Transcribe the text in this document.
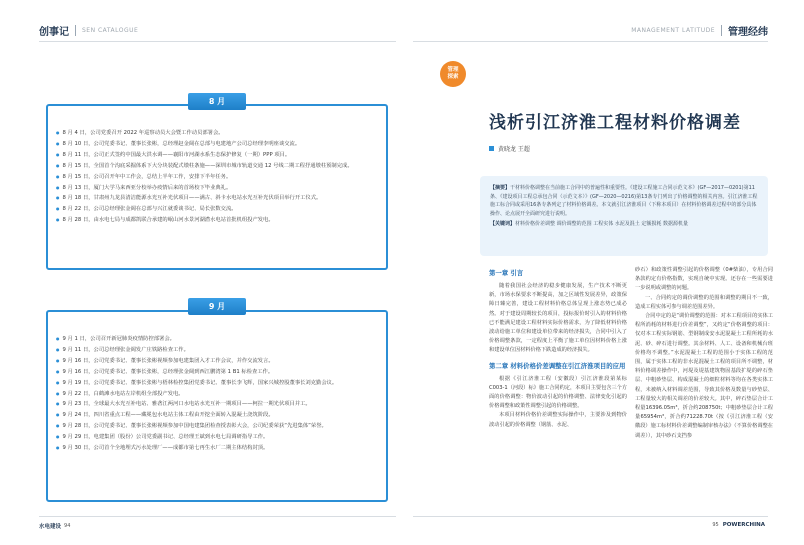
创事记 SEN CATALOGUE	MANAGEMENT LATITUDE 管理经纬
● 8 月 4 日，公司党委召开 2022 年巡察动员大会暨工作动员部署会。
● 8 月 10 日，公司党委书记、董事长张彬，总经理赵金阔在总部与电建地产公司总经理李明座谈交流。
● 8 月 11 日，公司正式签约中国最大洪水调——襄阳市河湖水系生态保护修复（一期）PPP 项目。
● 8 月 15 日，全国首个沟底采掘体系下大分块装配式墩柱条施——深圳市城市轨道交通 12 号线二期工程抒通墩柱预制完成。
● 8 月 15 日，公司召开年中工作会，总结上半年工作，安排下半年任务。
● 8 月 13 日，厦门大学马来西亚分校举办疫情后来的首场校下毕业典礼。
● 8 月 18 日，甘肃州九龙县清洁能源水光互补光伏项目——满古、斜卡水电站水光互补光伏项目举行开工仪式。
● 8 月 22 日，公司总经理张金阔在总部与兴江就委谈书记、局长张数交流。
● 8 月 28 日，由水电七局与成都凯联合承建的岷山河水景河湖潜水电站首批机组投产发电。
8 月
● 9 月 1 日，公司召开新冠肺炎疫情防控部署会。
● 9 月 11 日，公司总经理张金阔发广庄铁路检查工作。
● 9 月 16 日，公司党委书记、董事长张彬视频参加电建集团入才工作会议，并作交流发言。
● 9 月 16 日，公司党委书记、董事长张彬，总经理张金阔到西江鹏湾第 1 B1 标检查工作。
● 9 月 19 日，公司党委书记、董事长张彬与梧林检控集团党委书记、董事长李飞辉，国家兴城控股董事长刘克勤会议。
● 9 月 22 日，白鹤滩水电站左岸机组全部投产发电。
● 9 月 23 日，全球最大水光互补电站、雅砻江两河口水电站水光互补一期项目——柯拉一期光伏项目并工。
● 9 月 24 日，四川省重点工程——藏冕包水电站主体工程由开挖全面转入混凝土浇筑阶段。
● 9 月 28 日，公司党委书记、董事长张彬视频参加中国电建集团检查授表彰大会，公司纪委荣获“先进集体”荣誉。
● 9 月 29 日，电建集团（股份）公司党委副书记、总经理王斌到水电七局调研指导工作。
● 9 月 30 日，公司首个全地埋式污水处理厂——成都市第七再生水厂二期主体结构封顶。
9 月
管理
探索
浅析引江济淮工程材料价格调差
黄晓龙 王超
【摘要】干材料价格调整在当前施工合同中的普遍性和重要性。《建设工程施工合同示范文本》(GF—2017—0201)第11条、《建设项目工程总承包合同（示范文本）》(GF—2020—0216)第13条专门列出了价格调整的相关内容。引江济淮工程施工标合同或采用16条专条列定了材料价格调差。本文就引江济淮项目（下称本项目）在材料价格调差过程中的部分具体操作、论点展开全面研究进行说明。
【关键词】材料价格价差调整 调价调整的范围 工程实体 水泥及混土 定额损耗 数据源机量
第一章 引言

随着我国社会经济的稳步健康发展，生产技术不断更新，市场水保要求不断提高，加之区域性发展差异，政策保障日臻完善，建设工程材料价格总体呈现上涨态势已成必然。对于建设周期较长的项目，投标报价时引入的材料价格已不能满足建设工程材料实际价格需求，为了降低材料价格波动给施工单位和建设单位带来的经济损失，合同中引入了价格调整条款，一定程度上平衡了施工单位因材料价格上涨和建设单位因材料价格下跌造成的经济损失。

第二章 材料价格价差调整在引江济淮项目的应用

根据《引江济淮工程（安徽段）引江济淮段第某标C003-1（河段）标》施工合同约定，本项目主要包含三个方面的价格调整：物价波动引起的价格调整、法律变化引起的价格调整和政策性调整引起的价格调整。

本项目材料价格价差调整实际操作中，主要涉及到物价波动引起的价格调整（钢筋、水泥、

砂石）和政策性调整引起的价格调整（0#柴油），专用合同条款约定有价格指数，实现自统中实现。还存在一些需要进一步说明或调整的问题。

一、合同约定的调价调整的范围和调整的期目不一致，造成工程实体可参与调差范围差异。

合同中定的是“调价调整的范围：对本工程项目的实体工程所消耗的材料进行价差调整”，又约定“价格调整的项目：仅对本工程实际钢筋、型钢制成安水泥混凝土工程所耗的水泥、砂、碎石进行调整。其余材料、人工、设备和机械台班价格均不调整。”水泥混凝土工程的范围小于实体工程的范围，属于实体工程的非水泥混凝土工程的项目所不调整，材料价格调差操作中，河堤及堤基建筑物固基段扩堤的碎石垫层、中粗砂垫层、构成混凝土的细粒材料等均在各类实体工程，未被纳入材料调差范围，导致其价格及数量与砂垫层、工程量较大的相关调差的价差较大。其中，碎石垫层合计工程量16396.05m³，折合约208750t；中粗砂垫层合计工程量65954m³，折合约71228.70t（按《引江济淮工程（安徽段）施工标材料价差调整编制审核办法》（不算价格调整在调差）），其中砂石支挡参

水电建设 94	95 POWERCHINA
